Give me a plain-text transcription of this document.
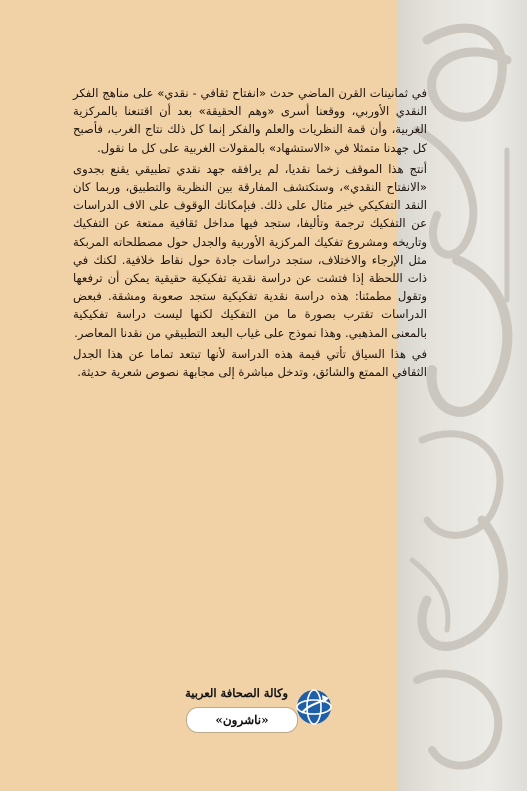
في ثمانينات القرن الماضي حدث «انفتاح ثقافي - نقدي» على مناهج الفكر النقدي الأوربي، ووقعنا أسرى «وهم الحقيقة» بعد أن اقتنعنا بالمركزية الغربية، وأن قمة النظريات والعلم والفكر إنما كل ذلك نتاج الغرب، فأصبح كل جهدنا متمثلا في «الاستشهاد» بالمقولات الغربية على كل ما نقول.

أنتج هذا الموقف زخما نقديا، لم يرافقه جهد نقدي تطبيقي يقنع بجدوى «الانفتاح النقدي»، وستكتشف المفارقة بين النظرية والتطبيق، وربما كان النقد التفكيكي خير مثال على ذلك. فبإمكانك الوقوف على الاف الدراسات عن التفكيك ترجمة وتأليفا، ستجد فيها مداخل ثقافية ممتعة عن التفكيك وتاريخه ومشروع تفكيك المركزية الأوربية والجدل حول مصطلحاته المربكة مثل الإرجاء والاختلاف، ستجد دراسات جادة حول نقاط خلافية. لكنك في ذات اللحظة إذا فتشت عن دراسة نقدية تفكيكية حقيقية يمكن أن ترفعها وتقول مطمئنا: هذه دراسة نقدية تفكيكية ستجد صعوبة ومشقة. فبعض الدراسات تقترب بصورة ما من التفكيك لكنها ليست دراسة تفكيكية بالمعنى المذهبي. وهذا نموذج على غياب البعد التطبيقي من نقدنا المعاصر.

في هذا السياق تأتي قيمة هذه الدراسة لأنها تبتعد تماما عن هذا الجدل الثقافي الممتع والشائق، وتدخل مباشرة إلى مجابهة نصوص شعرية حديثة.

وكالة الصحافة العربية
«ناشرون»
